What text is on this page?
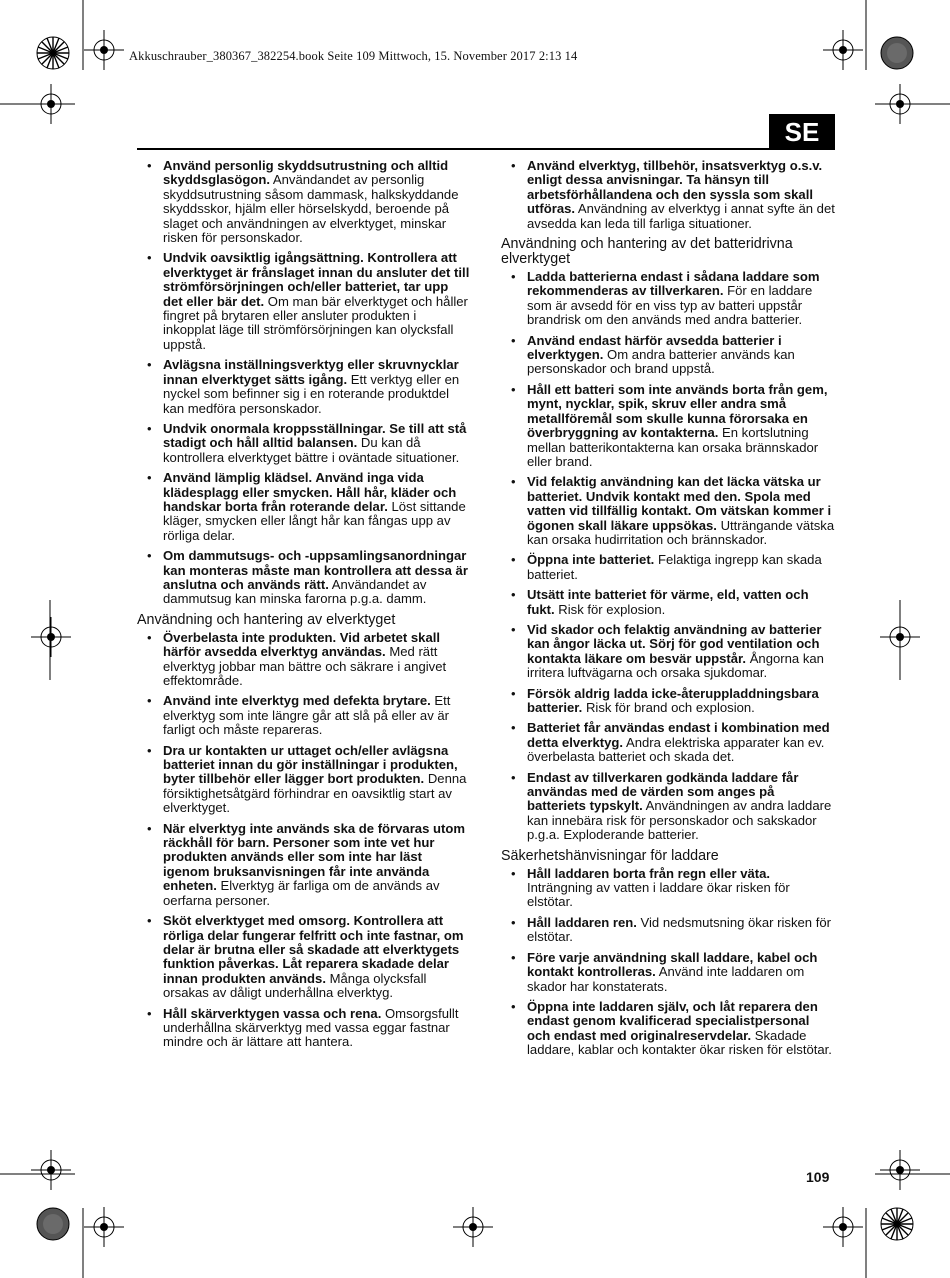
Akkuschrauber_380367_382254.book Seite 109 Mittwoch, 15. November 2017 2:13 14
SE
• Använd personlig skyddsutrustning och alltid skyddsglasögon. Användandet av personlig skyddsutrustning såsom dammask, halkskyddande skyddsskor, hjälm eller hörselskydd, beroende på slaget och användningen av elverktyget, minskar risken för personskador.
• Undvik oavsiktlig igångsättning. Kontrollera att elverktyget är frånslaget innan du ansluter det till strömförsörjningen och/eller batteriet, tar upp det eller bär det. Om man bär elverktyget och håller fingret på brytaren eller ansluter produkten i inkopplat läge till strömförsörjningen kan olycksfall uppstå.
• Avlägsna inställningsverktyg eller skruvnycklar innan elverktyget sätts igång. Ett verktyg eller en nyckel som befinner sig i en roterande produktdel kan medföra personskador.
• Undvik onormala kroppsställningar. Se till att stå stadigt och håll alltid balansen. Du kan då kontrollera elverktyget bättre i oväntade situationer.
• Använd lämplig klädsel. Använd inga vida klädesplagg eller smycken. Håll hår, kläder och handskar borta från roterande delar. Löst sittande kläger, smycken eller långt hår kan fångas upp av rörliga delar.
• Om dammutsugs- och -uppsamlingsanordningar kan monteras måste man kontrollera att dessa är anslutna och används rätt. Användandet av dammutsug kan minska farorna p.g.a. damm.
Användning och hantering av elverktyget
• Överbelasta inte produkten. Vid arbetet skall härför avsedda elverktyg användas. Med rätt elverktyg jobbar man bättre och säkrare i angivet effektområde.
• Använd inte elverktyg med defekta brytare. Ett elverktyg som inte längre går att slå på eller av är farligt och måste repareras.
• Dra ur kontakten ur uttaget och/eller avlägsna batteriet innan du gör inställningar i produkten, byter tillbehör eller lägger bort produkten. Denna försiktighetsåtgärd förhindrar en oavsiktlig start av elverktyget.
• När elverktyg inte används ska de förvaras utom räckhåll för barn. Personer som inte vet hur produkten används eller som inte har läst igenom bruksanvisningen får inte använda enheten. Elverktyg är farliga om de används av oerfarna personer.
• Sköt elverktyget med omsorg. Kontrollera att rörliga delar fungerar felfritt och inte fastnar, om delar är brutna eller så skadade att elverktygets funktion påverkas. Låt reparera skadade delar innan produkten används. Många olycksfall orsakas av dåligt underhållna elverktyg.
• Håll skärverktygen vassa och rena. Omsorgsfullt underhållna skärverktyg med vassa eggar fastnar mindre och är lättare att hantera.
• Använd elverktyg, tillbehör, insatsverktyg o.s.v. enligt dessa anvisningar. Ta hänsyn till arbetsförhållandena och den syssla som skall utföras. Användning av elverktyg i annat syfte än det avsedda kan leda till farliga situationer.
Användning och hantering av det batteridrivna elverktyget
• Ladda batterierna endast i sådana laddare som rekommenderas av tillverkaren. För en laddare som är avsedd för en viss typ av batteri uppstår brandrisk om den används med andra batterier.
• Använd endast härför avsedda batterier i elverktygen. Om andra batterier används kan personskador och brand uppstå.
• Håll ett batteri som inte används borta från gem, mynt, nycklar, spik, skruv eller andra små metallföremål som skulle kunna förorsaka en överbryggning av kontakterna. En kortslutning mellan batterikontakterna kan orsaka brännskador eller brand.
• Vid felaktig användning kan det läcka vätska ur batteriet. Undvik kontakt med den. Spola med vatten vid tillfällig kontakt. Om vätskan kommer i ögonen skall läkare uppsökas. Utträngande vätska kan orsaka hudirritation och brännskador.
• Öppna inte batteriet. Felaktiga ingrepp kan skada batteriet.
• Utsätt inte batteriet för värme, eld, vatten och fukt. Risk för explosion.
• Vid skador och felaktig användning av batterier kan ångor läcka ut. Sörj för god ventilation och kontakta läkare om besvär uppstår. Ångorna kan irritera luftvägarna och orsaka sjukdomar.
• Försök aldrig ladda icke-återuppladdningsbara batterier. Risk för brand och explosion.
• Batteriet får användas endast i kombination med detta elverktyg. Andra elektriska apparater kan ev. överbelasta batteriet och skada det.
• Endast av tillverkaren godkända laddare får användas med de värden som anges på batteriets typskylt. Användningen av andra laddare kan innebära risk för personskador och sakskador p.g.a. Exploderande batterier.
Säkerhetshänvisningar för laddare
• Håll laddaren borta från regn eller väta. Inträngning av vatten i laddare ökar risken för elstötar.
• Håll laddaren ren. Vid nedsmutsning ökar risken för elstötar.
• Före varje användning skall laddare, kabel och kontakt kontrolleras. Använd inte laddaren om skador har konstaterats.
• Öppna inte laddaren själv, och låt reparera den endast genom kvalificerad specialistpersonal och endast med originalreservdelar. Skadade laddare, kablar och kontakter ökar risken för elstötar.
109
